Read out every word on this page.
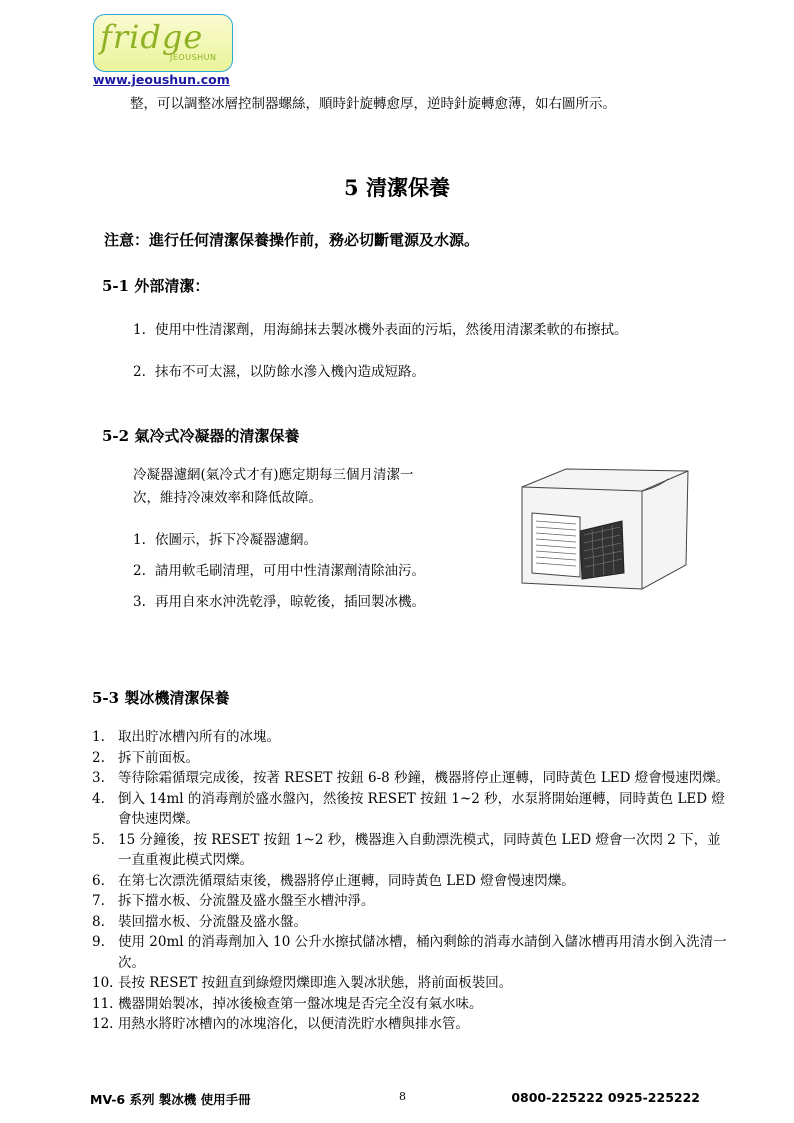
fridge
JEOUSHUN
www.jeoushun.com
整，可以調整冰層控制器螺絲，順時針旋轉愈厚，逆時針旋轉愈薄，如右圖所示。
5 清潔保養
注意：進行任何清潔保養操作前，務必切斷電源及水源。
5-1 外部清潔：
1. 使用中性清潔劑，用海綿抹去製冰機外表面的污垢，然後用清潔柔軟的布擦拭。
2. 抹布不可太濕，以防餘水滲入機內造成短路。
5-2 氣冷式冷凝器的清潔保養
冷凝器濾網(氣冷式才有)應定期每三個月清潔一
次，維持冷凍效率和降低故障。
1. 依圖示，拆下冷凝器濾網。
2. 請用軟毛刷清理，可用中性清潔劑清除油污。
3. 再用自來水沖洗乾淨，晾乾後，插回製冰機。
5-3 製冰機清潔保養
1. 取出貯冰槽內所有的冰塊。
2. 拆下前面板。
3. 等待除霜循環完成後，按著 RESET 按鈕 6-8 秒鐘，機器將停止運轉，同時黃色 LED 燈會慢速閃爍。
4. 倒入 14ml 的消毒劑於盛水盤內，然後按 RESET 按鈕 1~2 秒，水泵將開始運轉，同時黃色 LED 燈會快速閃爍。
5. 15 分鐘後，按 RESET 按鈕 1~2 秒，機器進入自動漂洗模式，同時黃色 LED 燈會一次閃 2 下，並一直重複此模式閃爍。
6. 在第七次漂洗循環結束後，機器將停止運轉，同時黃色 LED 燈會慢速閃爍。
7. 拆下擋水板、分流盤及盛水盤至水槽沖淨。
8. 裝回擋水板、分流盤及盛水盤。
9. 使用 20ml 的消毒劑加入 10 公升水擦拭儲冰槽，桶內剩餘的消毒水請倒入儲冰槽再用清水倒入洗清一次。
10. 長按 RESET 按鈕直到綠燈閃爍即進入製冰狀態，將前面板裝回。
11. 機器開始製冰，掉冰後檢查第一盤冰塊是否完全沒有氣水味。
12. 用熱水將貯冰槽內的冰塊溶化，以便清洗貯水槽與排水管。
MV-6 系列 製冰機 使用手冊	8	0800-225222 0925-225222
